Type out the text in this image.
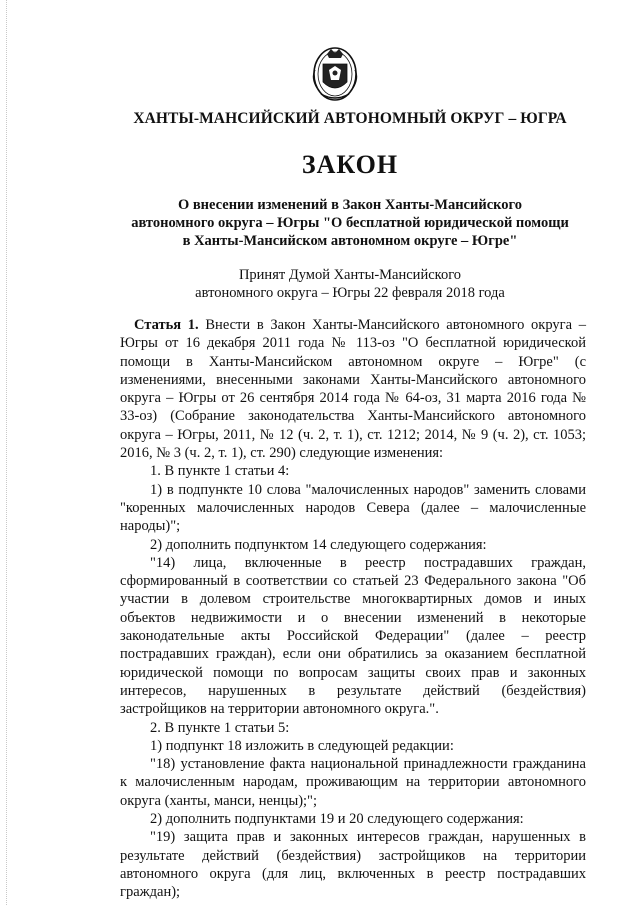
ХАНТЫ-МАНСИЙСКИЙ АВТОНОМНЫЙ ОКРУГ – ЮГРА
ЗАКОН
О внесении изменений в Закон Ханты-Мансийского
автономного округа – Югры "О бесплатной юридической помощи
в Ханты-Мансийском автономном округе – Югре"
Принят Думой Ханты-Мансийского
автономного округа – Югры 22 февраля 2018 года

Статья 1. Внести в Закон Ханты-Мансийского автономного округа – Югры от 16 декабря 2011 года № 113-оз "О бесплатной юридической помощи в Ханты-Мансийском автономном округе – Югре" (с изменениями, внесенными законами Ханты-Мансийского автономного округа – Югры от 26 сентября 2014 года № 64-оз, 31 марта 2016 года № 33-оз) (Собрание законодательства Ханты-Мансийского автономного округа – Югры, 2011, № 12 (ч. 2, т. 1), ст. 1212; 2014, № 9 (ч. 2), ст. 1053; 2016, № 3 (ч. 2, т. 1), ст. 290) следующие изменения:

1. В пункте 1 статьи 4:

1) в подпункте 10 слова "малочисленных народов" заменить словами "коренных малочисленных народов Севера (далее – малочисленные народы)";

2) дополнить подпунктом 14 следующего содержания:

"14) лица, включенные в реестр пострадавших граждан, сформированный в соответствии со статьей 23 Федерального закона "Об участии в долевом строительстве многоквартирных домов и иных объектов недвижимости и о внесении изменений в некоторые законодательные акты Российской Федерации" (далее – реестр пострадавших граждан), если они обратились за оказанием бесплатной юридической помощи по вопросам защиты своих прав и законных интересов, нарушенных в результате действий (бездействия) застройщиков на территории автономного округа.".

2. В пункте 1 статьи 5:

1) подпункт 18 изложить в следующей редакции:

"18) установление факта национальной принадлежности гражданина к малочисленным народам, проживающим на территории автономного округа (ханты, манси, ненцы);";

2) дополнить подпунктами 19 и 20 следующего содержания:

"19) защита прав и законных интересов граждан, нарушенных в результате действий (бездействия) застройщиков на территории автономного округа (для лиц, включенных в реестр пострадавших граждан);
